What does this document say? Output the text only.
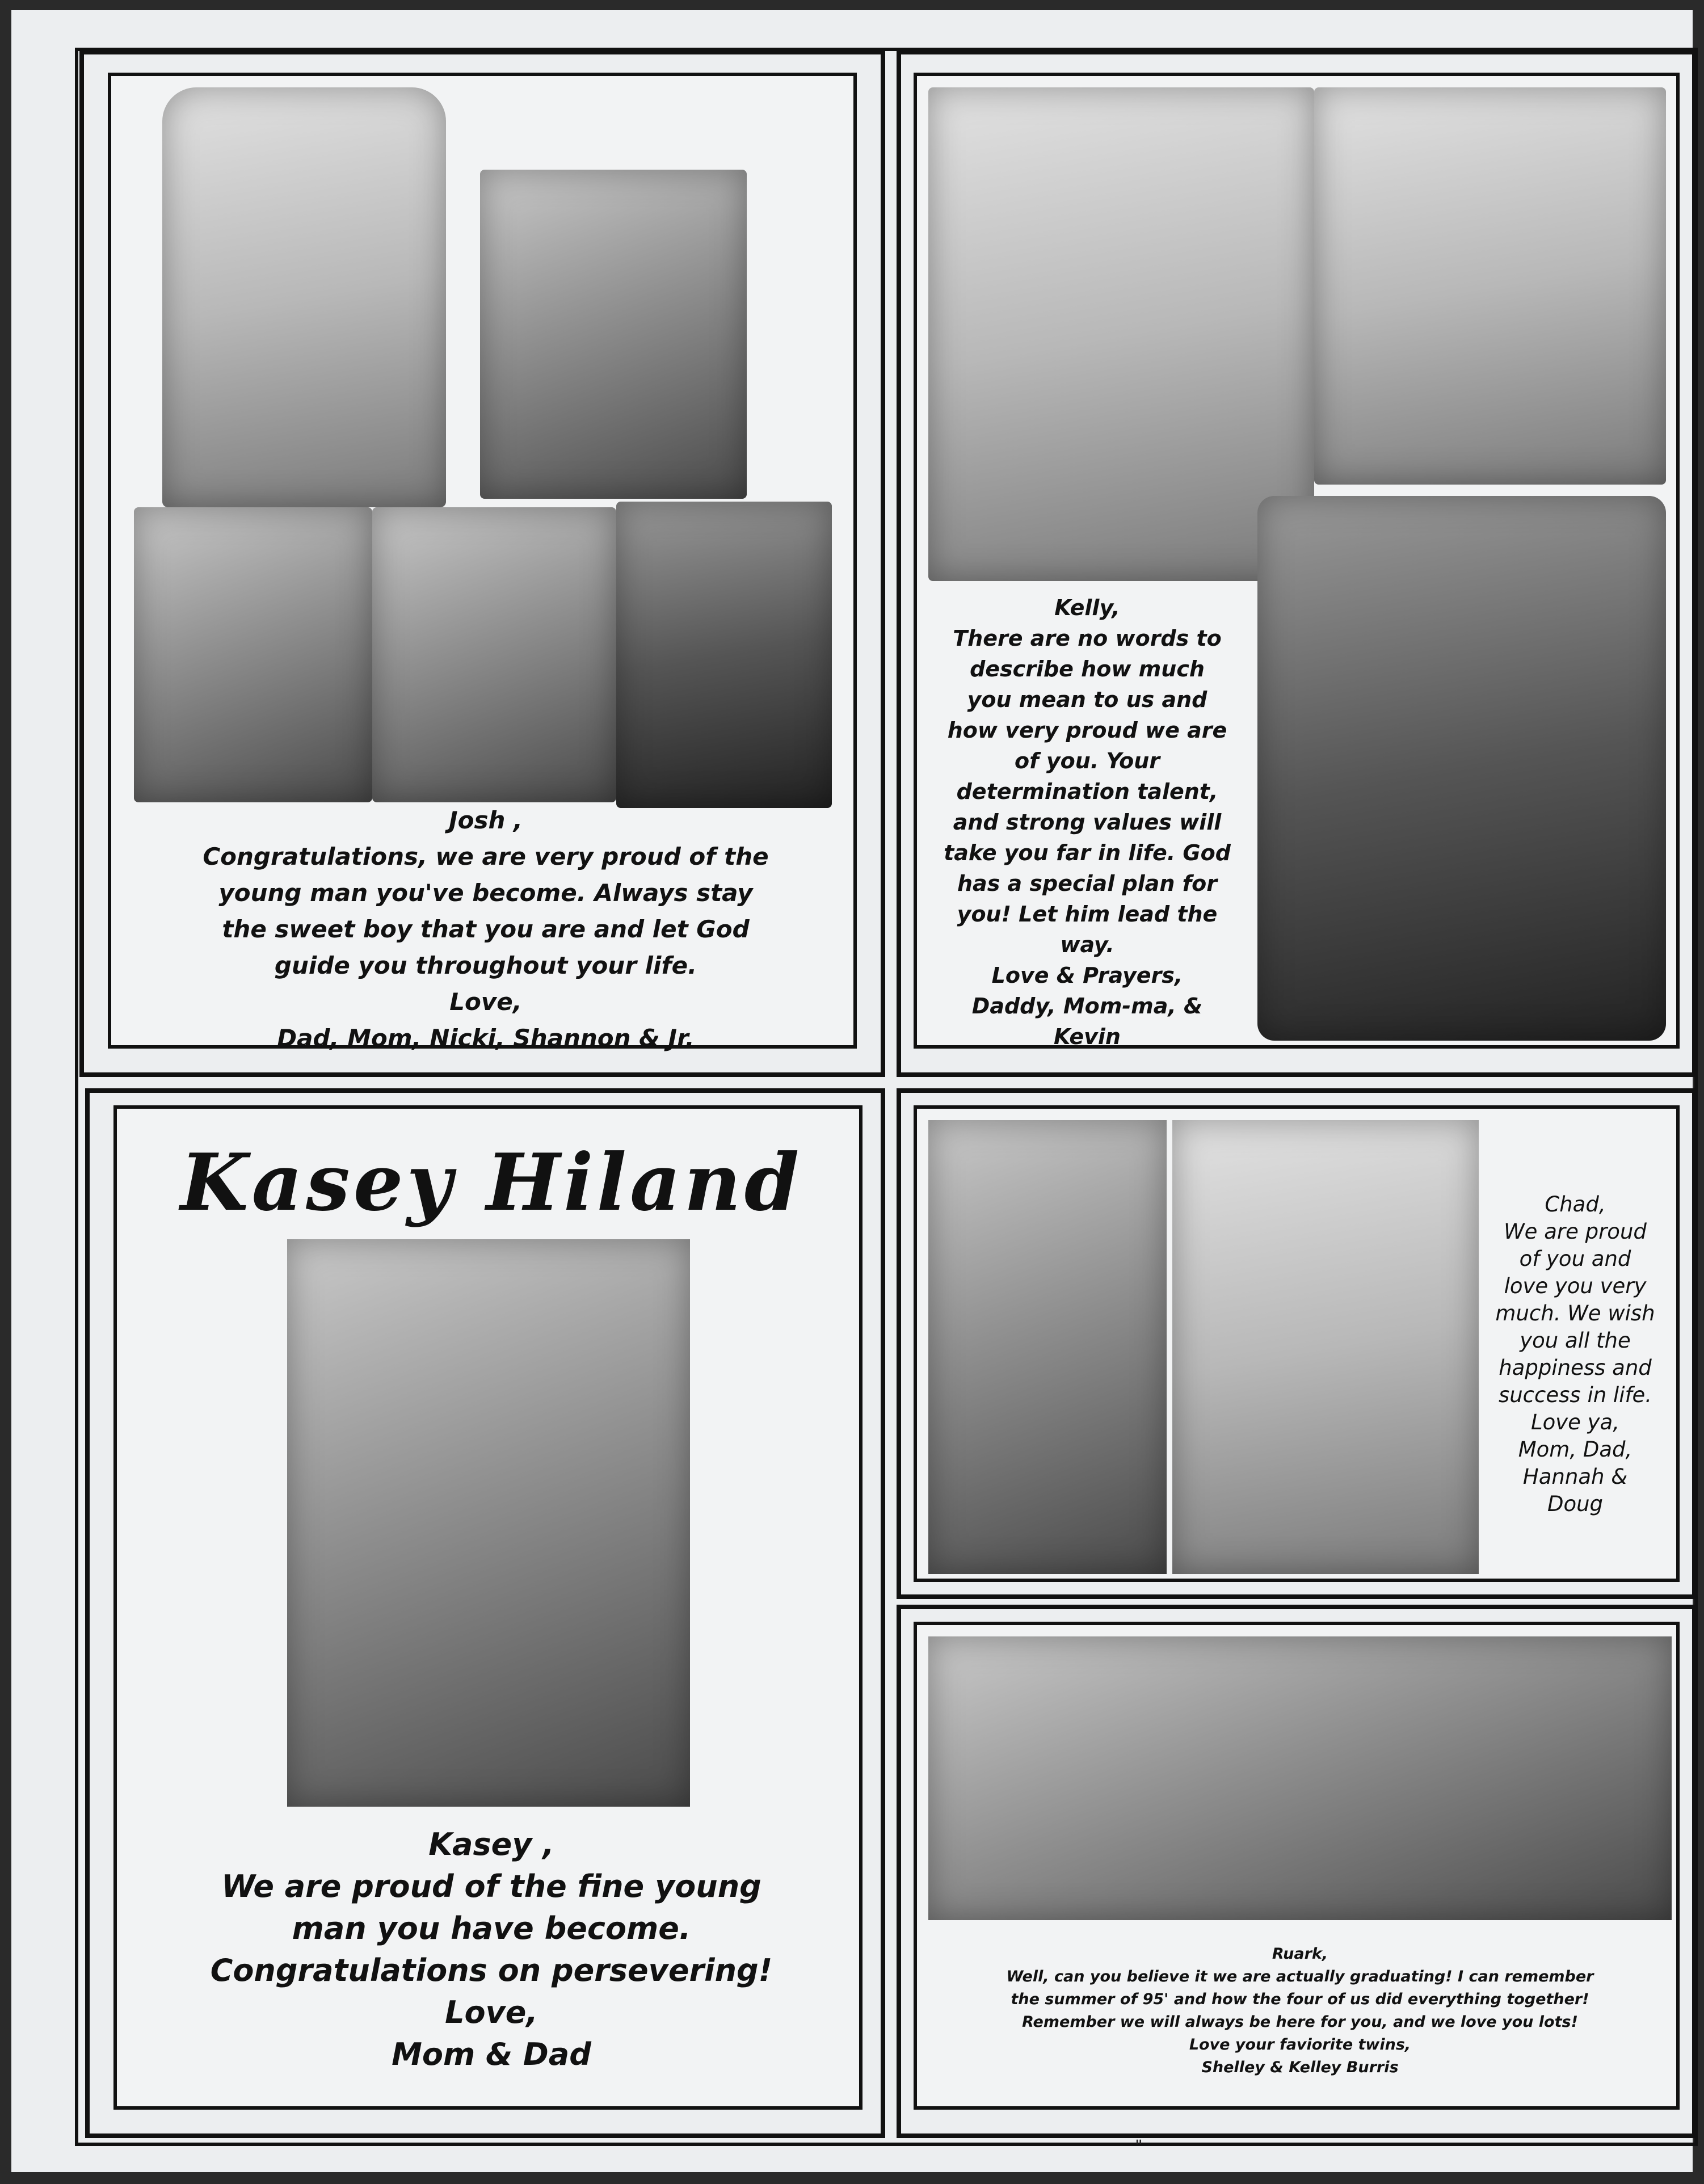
Josh ,
Congratulations, we are very proud of the
young man you've become. Always stay
the sweet boy that you are and let God
guide you throughout your life.
Love,
Dad, Mom, Nicki, Shannon & Jr.
Kelly,
There are no words to
describe how much
you mean to us and
how very proud we are
of you. Your
determination talent,
and strong values will
take you far in life. God
has a special plan for
you! Let him lead the
way.
Love & Prayers,
Daddy, Mom-ma, &
Kevin
Kasey Hiland
Kasey ,
We are proud of the fine young
man you have become.
Congratulations on persevering!
Love,
Mom & Dad
Chad,
We are proud
of you and
love you very
much. We wish
you all the
happiness and
success in life.
Love ya,
Mom, Dad,
Hannah &
Doug
Ruark,
Well, can you believe it we are actually graduating! I can remember
the summer of 95' and how the four of us did everything together!
Remember we will always be here for you, and we love you lots!
Love your faviorite twins,
Shelley & Kelley Burris
"
